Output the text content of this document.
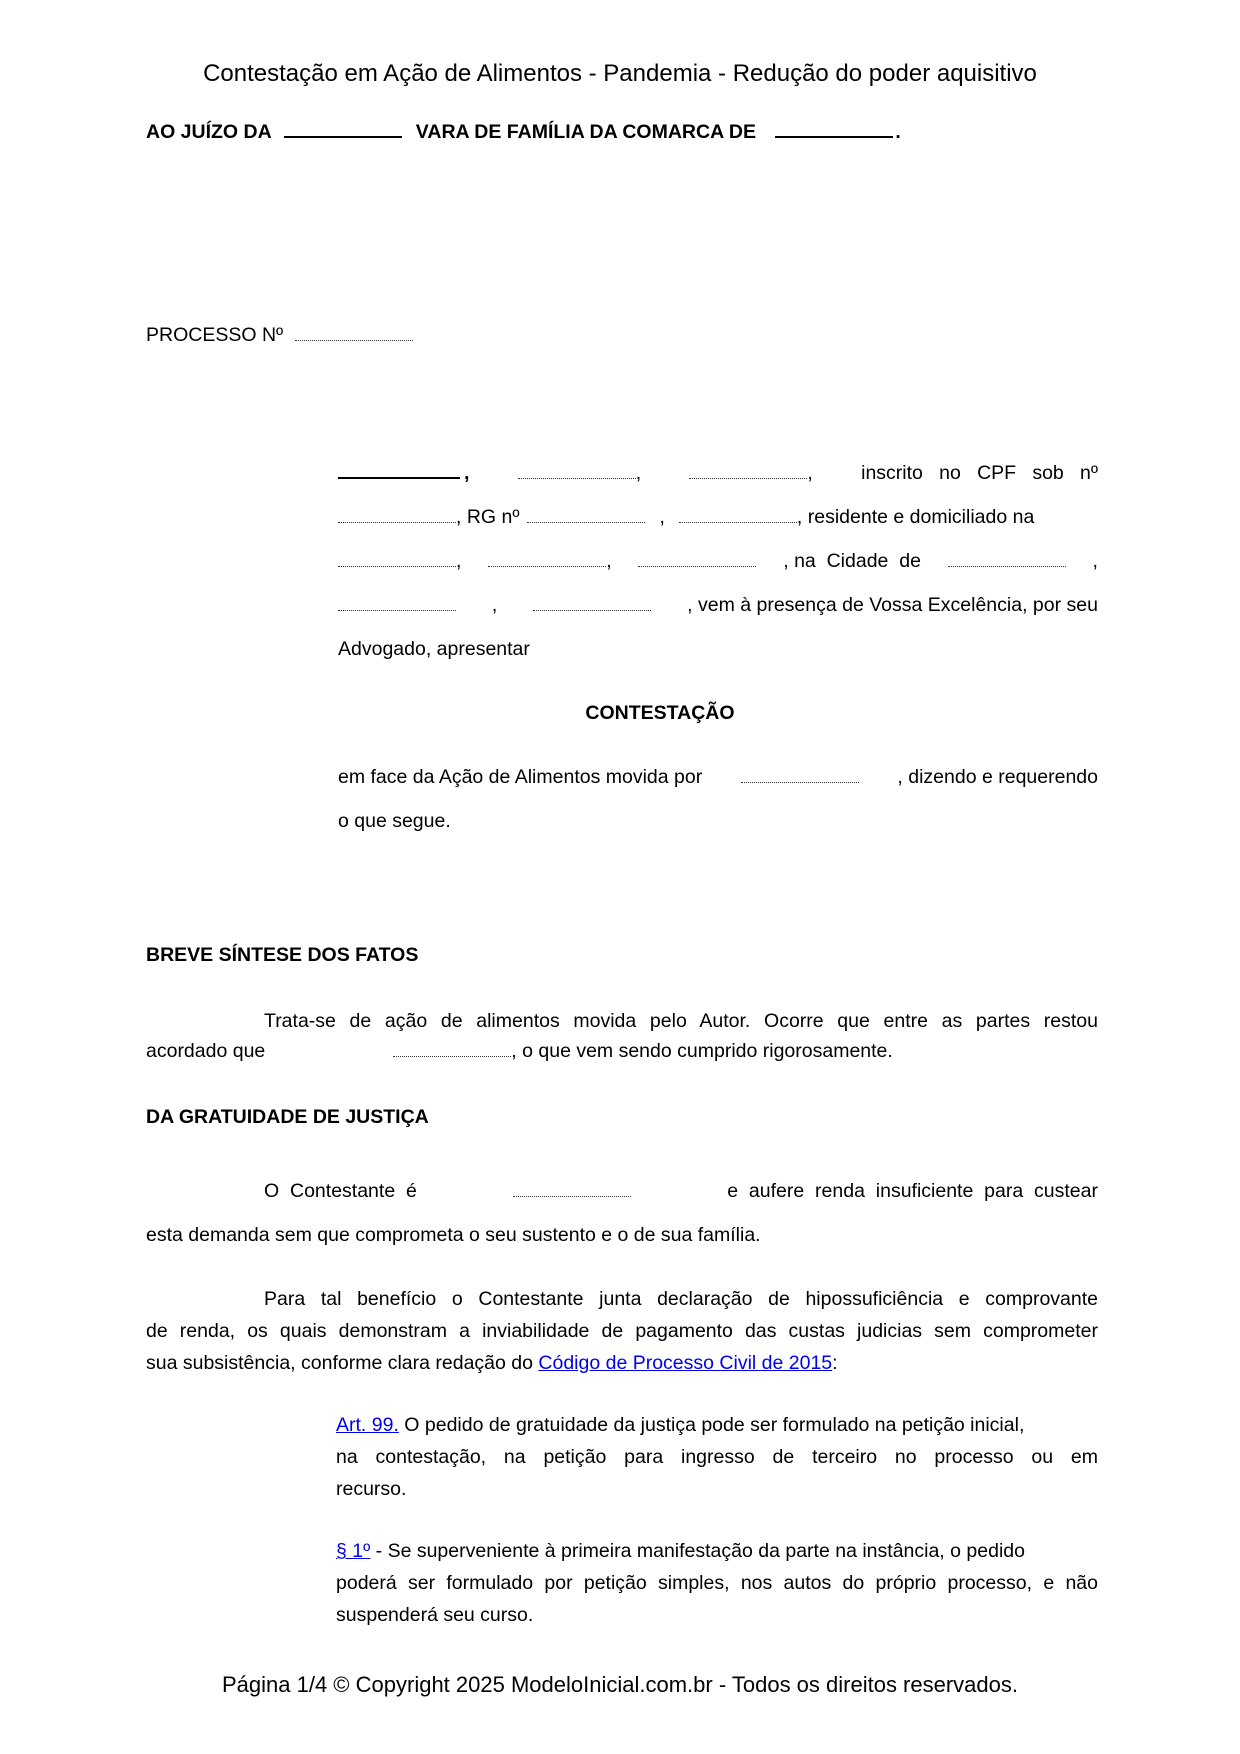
Contestação em Ação de Alimentos - Pandemia - Redução do poder aquisitivo
AO JUÍZO DA	VARA DE FAMÍLIA DA COMARCA DE	.
PROCESSO Nº
,	,	, inscrito   no   CPF   sob   nº
, RG nº	,	, residente e domiciliado na
,	,	, na  Cidade  de	,
,	, vem à presença de Vossa Excelência, por seu
Advogado, apresentar
CONTESTAÇÃO
em face da Ação de Alimentos movida por	, dizendo e requerendo
o que segue.
BREVE SÍNTESE DOS FATOS
Trata-se de ação de alimentos movida pelo Autor. Ocorre que entre as partes restou
acordado que	, o que vem sendo cumprido rigorosamente.
DA GRATUIDADE DE JUSTIÇA
O  Contestante  é	e  aufere  renda  insuficiente  para  custear
esta demanda sem que comprometa o seu sustento e o de sua família.
Para tal benefício o Contestante junta declaração de hipossuficiência e comprovante
de renda, os quais demonstram a inviabilidade de pagamento das custas judicias sem comprometer
sua subsistência, conforme clara redação do Código de Processo Civil de 2015:
Art. 99. O pedido de gratuidade da justiça pode ser formulado na petição inicial,
na contestação, na petição para ingresso de terceiro no processo ou em
recurso.
§ 1º - Se superveniente à primeira manifestação da parte na instância, o pedido
poderá ser formulado por petição simples, nos autos do próprio processo, e não
suspenderá seu curso.
Página 1/4 © Copyright 2025 ModeloInicial.com.br - Todos os direitos reservados.
